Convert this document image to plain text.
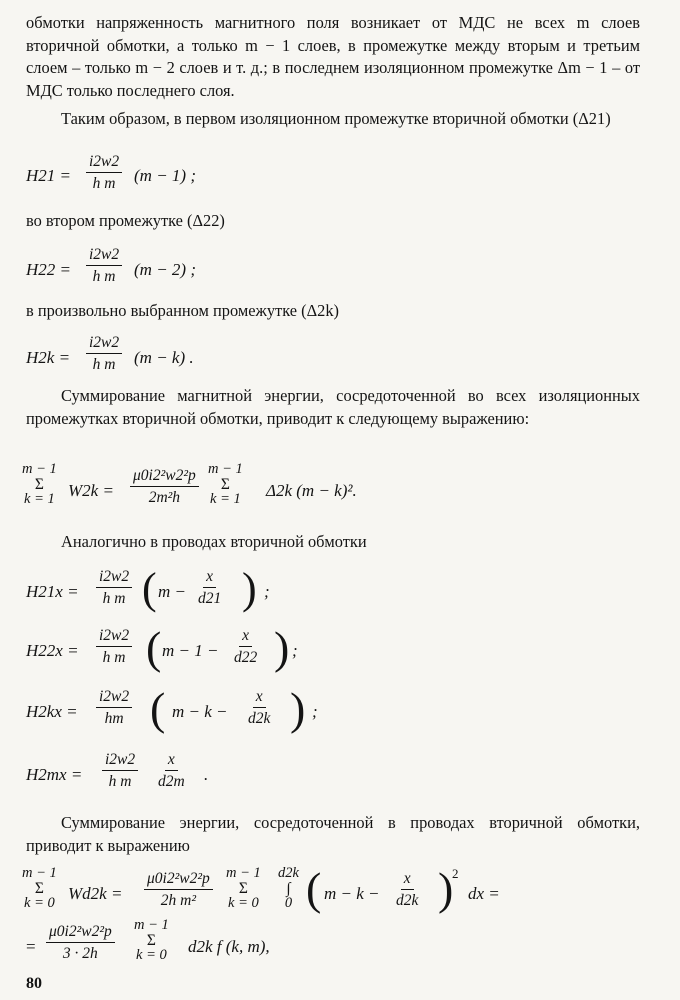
обмотки напряженность магнитного поля возникает от МДС не всех m слоев вторичной обмотки, а только m − 1 слоев, в промежутке между вторым и третьим слоем – только m − 2 слоев и т. д.; в последнем изоляционном промежутке Δm − 1 – от МДС только последнего слоя.

Таким образом, в первом изоляционном промежутке вторичной обмотки (Δ21)

$H21 = \frac{i2w2}{\text{h m}} (m - 1)$ ;
во втором промежутке (Δ22)
$H22 = \frac{i2w2}{\text{h m}} (m - 2)$ ;
в произвольно выбранном промежутке (Δ2k)
$H2k = \frac{i2w2}{\text{h m}} (m - k)$ .

Суммирование магнитной энергии, сосредоточенной во всех изоляционных промежутках вторичной обмотки, приводит к следующему выражению:

m − 1
Σ
k = 1 $W2k = \frac{\text{μ0i2²w2²p}}{\text{2m²h}}$ m − 1
Σ
k = 1 Δ2k (m − k)².

Аналогично в проводах вторичной обмотки

$H21x = \frac{i2w2}{\text{h m}}$ ( $m - \frac{x}{d21}$ ) ;
$H22x = \frac{i2w2}{\text{h m}}$ ( $m - 1 - \frac{x}{d22}$ ) ;
$H2kx = \frac{i2w2}{hm}$ ( $m - k - \frac{x}{d2k}$ ) ;
$H2mx = \frac{i2w2}{\text{h m}} \frac{x}{d2m}$ .

Суммирование энергии, сосредоточенной в проводах вторичной обмотки, приводит к выражению

m − 1
Σ
k = 0 $Wd2k = \frac{\text{μ0i2²w2²p}}{\text{2h m²}}$ m − 1
Σ
k = 0
d2k
∫
0 ( $m - k - \frac{x}{d2k}$ )
2
dx =
= $\frac{\text{μ0i2²w2²p}}{3 \cdot 2h}$ m − 1
Σ
k = 0 d2k f (k, m),
80
